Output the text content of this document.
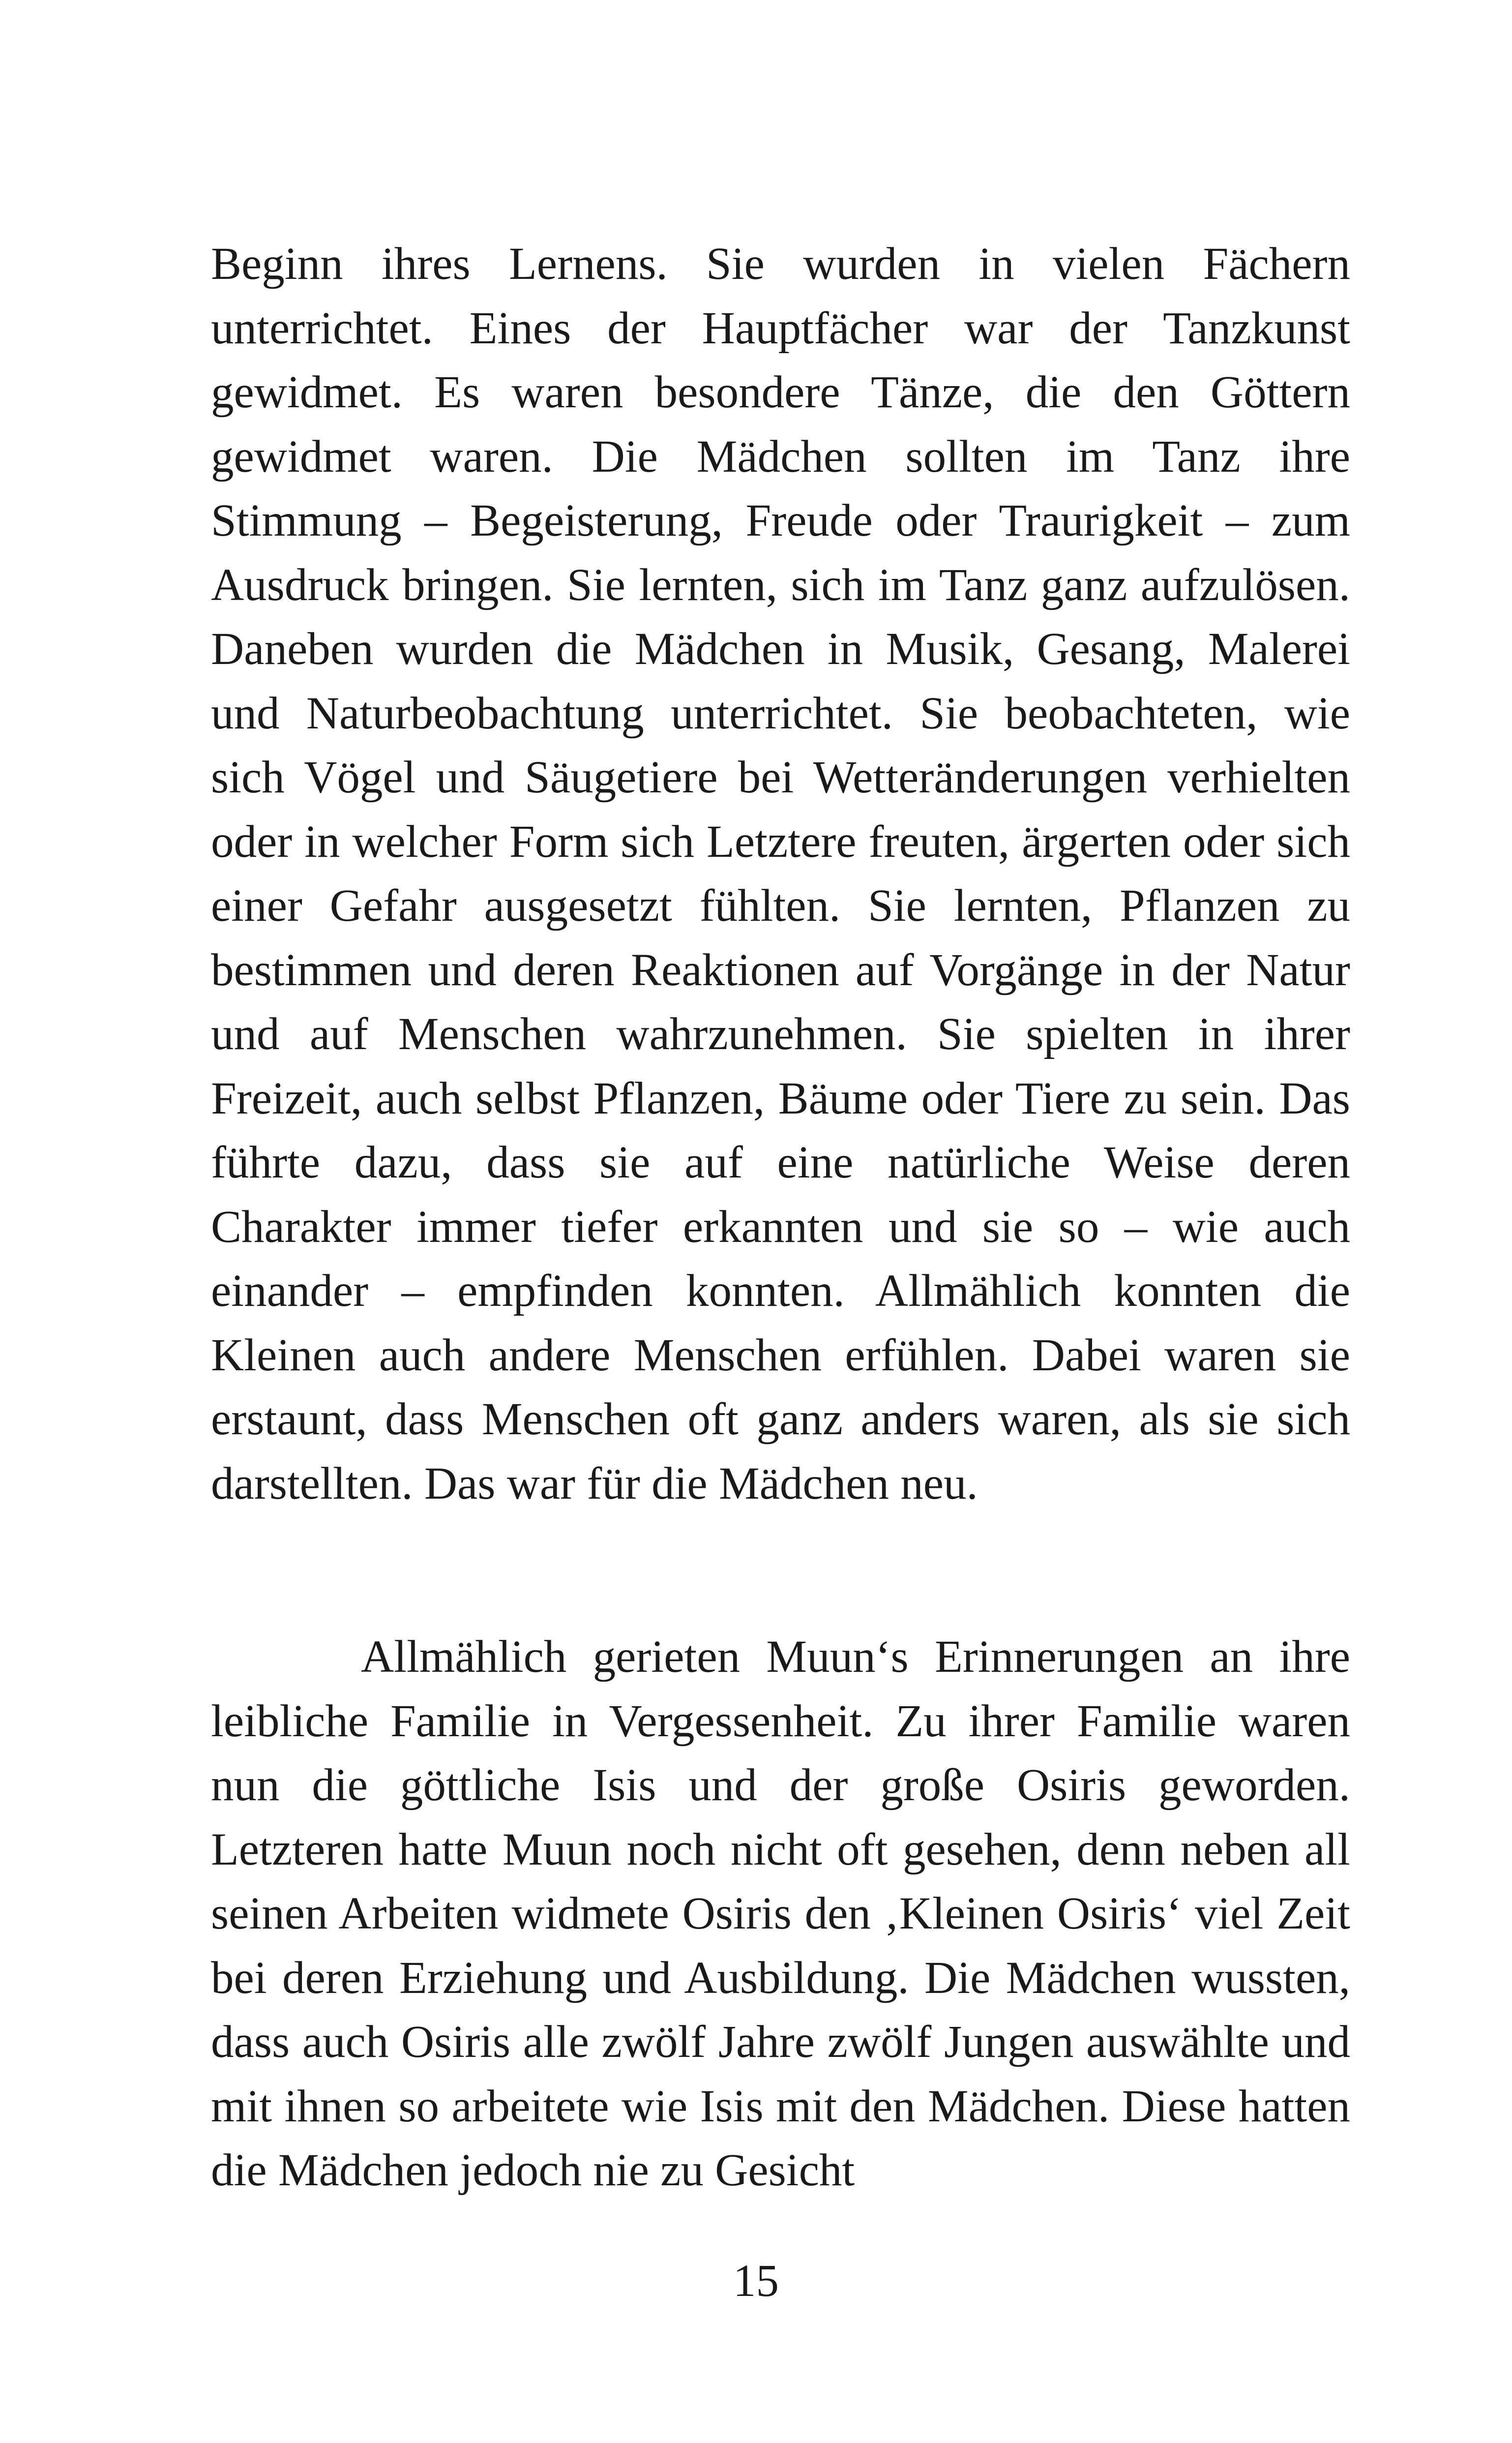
Beginn ihres Lernens. Sie wurden in vielen Fächern unterrichtet. Eines der Hauptfächer war der Tanzkunst gewidmet. Es waren besondere Tänze, die den Göttern gewidmet waren. Die Mädchen sollten im Tanz ihre Stimmung – Begeisterung, Freude oder Traurigkeit – zum Ausdruck bringen. Sie lernten, sich im Tanz ganz aufzulösen. Daneben wurden die Mädchen in Musik, Gesang, Malerei und Naturbeobachtung unterrichtet. Sie beobachteten, wie sich Vögel und Säugetiere bei Wetteränderungen verhielten oder in welcher Form sich Letztere freuten, ärgerten oder sich einer Gefahr ausgesetzt fühlten. Sie lernten, Pflanzen zu bestimmen und deren Reaktionen auf Vorgänge in der Natur und auf Menschen wahrzunehmen. Sie spielten in ihrer Freizeit, auch selbst Pflanzen, Bäume oder Tiere zu sein. Das führte dazu, dass sie auf eine natürliche Weise deren Charakter immer tiefer erkannten und sie so – wie auch einander – empfinden konnten. Allmählich konnten die Kleinen auch andere Menschen erfühlen. Dabei waren sie erstaunt, dass Menschen oft ganz anders waren, als sie sich darstellten. Das war für die Mädchen neu.

Allmählich gerieten Muun‘s Erinnerungen an ihre leibliche Familie in Vergessenheit. Zu ihrer Familie waren nun die göttliche Isis und der große Osiris geworden. Letzteren hatte Muun noch nicht oft gesehen, denn neben all seinen Arbeiten widmete Osiris den ‚Kleinen Osiris‘ viel Zeit bei deren Erziehung und Ausbildung. Die Mädchen wussten, dass auch Osiris alle zwölf Jahre zwölf Jungen auswählte und mit ihnen so arbeitete wie Isis mit den Mädchen. Diese hatten die Mädchen jedoch nie zu Gesicht

15
